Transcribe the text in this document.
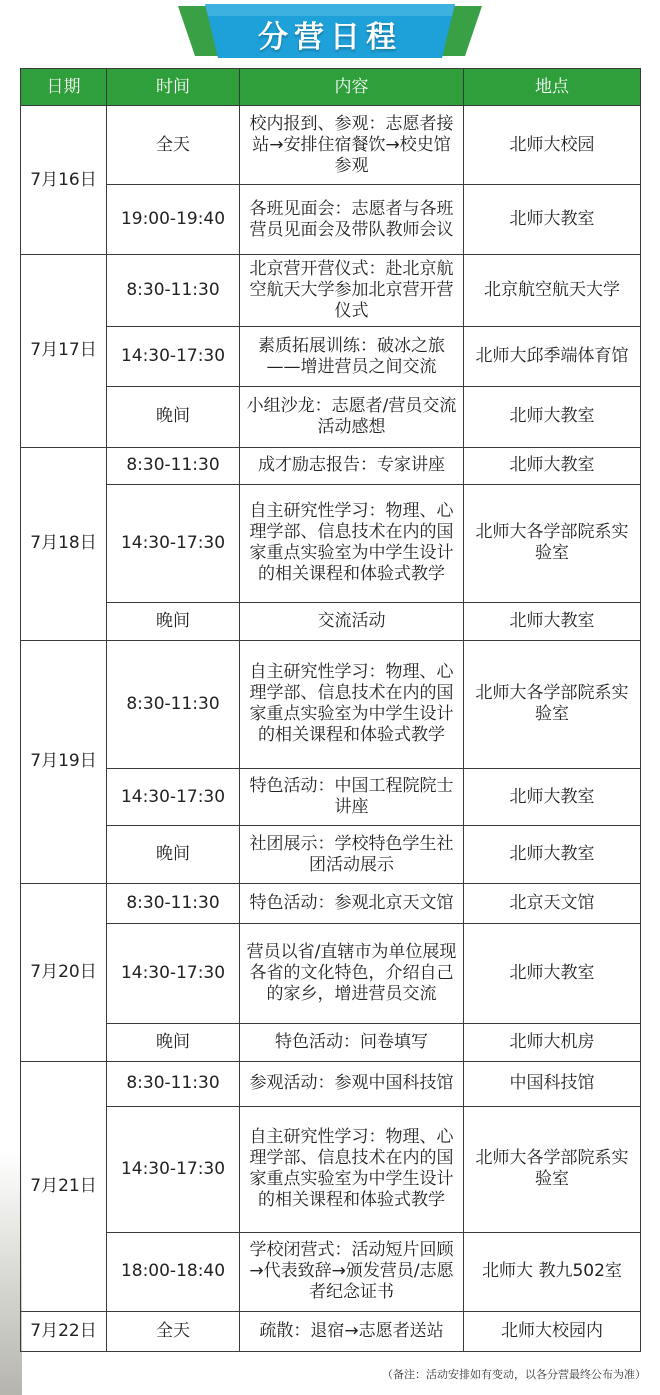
分营日程
日期	时间	内容	地点
7月16日	全天	校内报到、参观：志愿者接站→安排住宿餐饮→校史馆参观	北师大校园
	19:00-19:40	各班见面会：志愿者与各班营员见面会及带队教师会议	北师大教室
7月17日	8:30-11:30	北京营开营仪式：赴北京航空航天大学参加北京营开营仪式	北京航空航天大学
	14:30-17:30	素质拓展训练：破冰之旅——增进营员之间交流	北师大邱季端体育馆
	晚间	小组沙龙：志愿者/营员交流活动感想	北师大教室
7月18日	8:30-11:30	成才励志报告：专家讲座	北师大教室
	14:30-17:30	自主研究性学习：物理、心理学部、信息技术在内的国家重点实验室为中学生设计的相关课程和体验式教学	北师大各学部院系实验室
	晚间	交流活动	北师大教室
7月19日	8:30-11:30	自主研究性学习：物理、心理学部、信息技术在内的国家重点实验室为中学生设计的相关课程和体验式教学	北师大各学部院系实验室
	14:30-17:30	特色活动：中国工程院院士讲座	北师大教室
	晚间	社团展示：学校特色学生社团活动展示	北师大教室
7月20日	8:30-11:30	特色活动：参观北京天文馆	北京天文馆
	14:30-17:30	营员以省/直辖市为单位展现各省的文化特色，介绍自己的家乡，增进营员交流	北师大教室
	晚间	特色活动：问卷填写	北师大机房
7月21日	8:30-11:30	参观活动：参观中国科技馆	中国科技馆
	14:30-17:30	自主研究性学习：物理、心理学部、信息技术在内的国家重点实验室为中学生设计的相关课程和体验式教学	北师大各学部院系实验室
	18:00-18:40	学校闭营式：活动短片回顾→代表致辞→颁发营员/志愿者纪念证书	北师大 教九502室
7月22日	全天	疏散：退宿→志愿者送站	北师大校园内
（备注：活动安排如有变动，以各分营最终公布为准）
